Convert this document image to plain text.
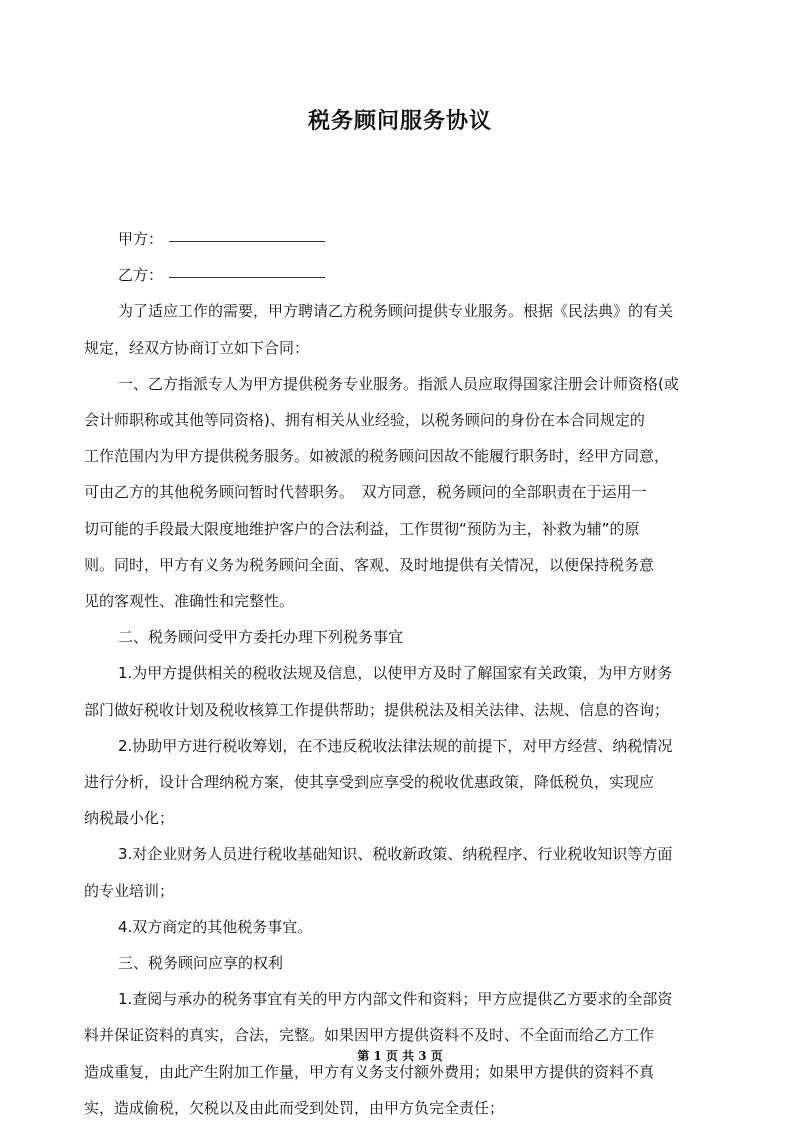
税务顾问服务协议
甲方：
乙方：
为了适应工作的需要，甲方聘请乙方税务顾问提供专业服务。根据《民法典》的有关
规定，经双方协商订立如下合同：
一、乙方指派专人为甲方提供税务专业服务。指派人员应取得国家注册会计师资格(或
会计师职称或其他等同资格)、拥有相关从业经验，以税务顾问的身份在本合同规定的
工作范围内为甲方提供税务服务。如被派的税务顾问因故不能履行职务时，经甲方同意，
可由乙方的其他税务顾问暂时代替职务。　双方同意，税务顾问的全部职责在于运用一
切可能的手段最大限度地维护客户的合法利益，工作贯彻“预防为主，补救为辅”的原
则。同时，甲方有义务为税务顾问全面、客观、及时地提供有关情况，以便保持税务意
见的客观性、准确性和完整性。
二、税务顾问受甲方委托办理下列税务事宜
1.为甲方提供相关的税收法规及信息，以使甲方及时了解国家有关政策，为甲方财务
部门做好税收计划及税收核算工作提供帮助；提供税法及相关法律、法规、信息的咨询；
2.协助甲方进行税收筹划，在不违反税收法律法规的前提下，对甲方经营、纳税情况
进行分析，设计合理纳税方案，使其享受到应享受的税收优惠政策，降低税负，实现应
纳税最小化；
3.对企业财务人员进行税收基础知识、税收新政策、纳税程序、行业税收知识等方面
的专业培训；
4.双方商定的其他税务事宜。
三、税务顾问应享的权利
1.查阅与承办的税务事宜有关的甲方内部文件和资料；甲方应提供乙方要求的全部资
料并保证资料的真实，合法，完整。如果因甲方提供资料不及时、不全面而给乙方工作
造成重复，由此产生附加工作量，甲方有义务支付额外费用；如果甲方提供的资料不真
实，造成偷税，欠税以及由此而受到处罚，由甲方负完全责任；
第 1 页 共 3 页
